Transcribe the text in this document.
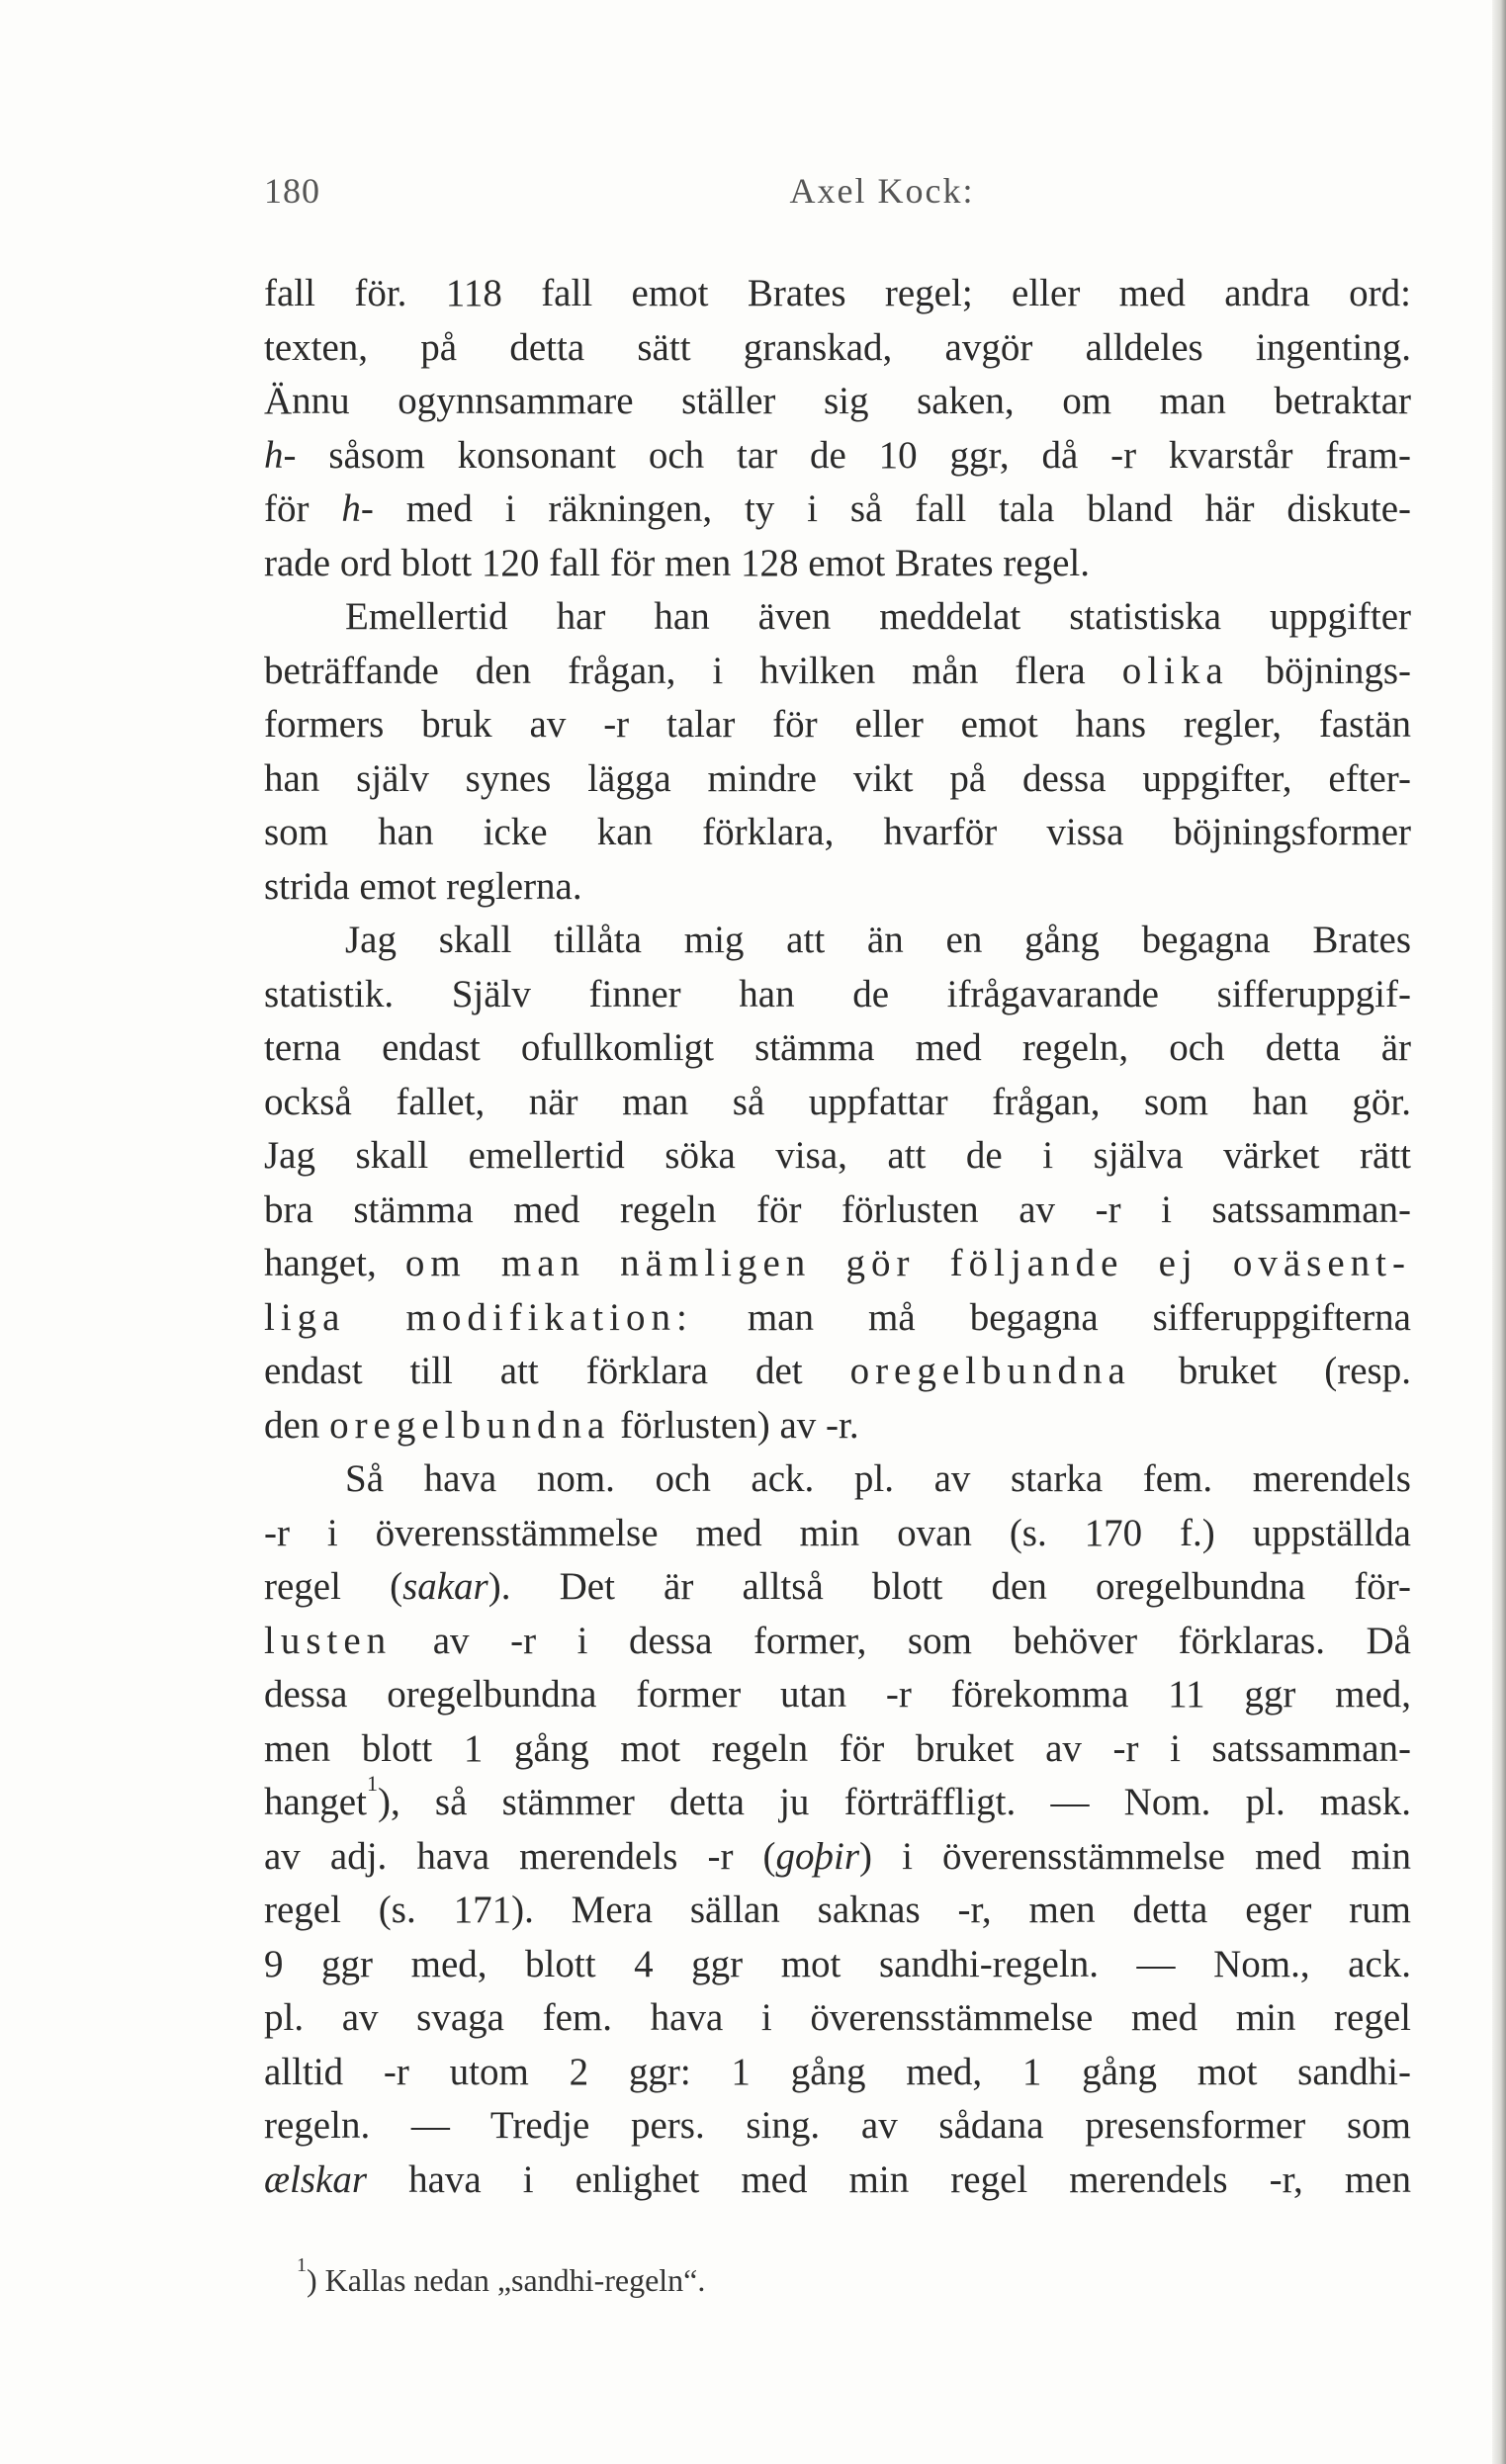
180	Axel Kock:
fall för. 118 fall emot Brates regel; eller med andra ord:
texten, på detta sätt granskad, avgör alldeles ingenting.
Ännu ogynnsammare ställer sig saken, om man betraktar
h- såsom konsonant och tar de 10 ggr, då -r kvarstår fram-
för h- med i räkningen, ty i så fall tala bland här diskute-
rade ord blott 120 fall för men 128 emot Brates regel.
Emellertid har han även meddelat statistiska uppgifter
beträffande den frågan, i hvilken mån flera olika böjnings-
formers bruk av -r talar för eller emot hans regler, fastän
han själv synes lägga mindre vikt på dessa uppgifter, efter-
som han icke kan förklara, hvarför vissa böjningsformer
strida emot reglerna.
Jag skall tillåta mig att än en gång begagna Brates
statistik. Själv finner han de ifrågavarande sifferuppgif-
terna endast ofullkomligt stämma med regeln, och detta är
också fallet, när man så uppfattar frågan, som han gör.
Jag skall emellertid söka visa, att de i själva värket rätt
bra stämma med regeln för förlusten av -r i satssamman-
hanget, om man nämligen gör följande ej oväsent-
liga modifikation: man må begagna sifferuppgifterna
endast till att förklara det oregelbundna bruket (resp.
den oregelbundna förlusten) av -r.
Så hava nom. och ack. pl. av starka fem. merendels
-r i överensstämmelse med min ovan (s. 170 f.) uppställda
regel (sakar). Det är alltså blott den oregelbundna för-
lusten av -r i dessa former, som behöver förklaras. Då
dessa oregelbundna former utan -r förekomma 11 ggr med,
men blott 1 gång mot regeln för bruket av -r i satssamman-
hanget$^1$), så stämmer detta ju förträffligt. — Nom. pl. mask.
av adj. hava merendels -r (goþir) i överensstämmelse med min
regel (s. 171). Mera sällan saknas -r, men detta eger rum
9 ggr med, blott 4 ggr mot sandhi-regeln. — Nom., ack.
pl. av svaga fem. hava i överensstämmelse med min regel
alltid -r utom 2 ggr: 1 gång med, 1 gång mot sandhi-
regeln. — Tredje pers. sing. av sådana presensformer som
ælskar hava i enlighet med min regel merendels -r, men
$^1$) Kallas nedan „sandhi-regeln“.
